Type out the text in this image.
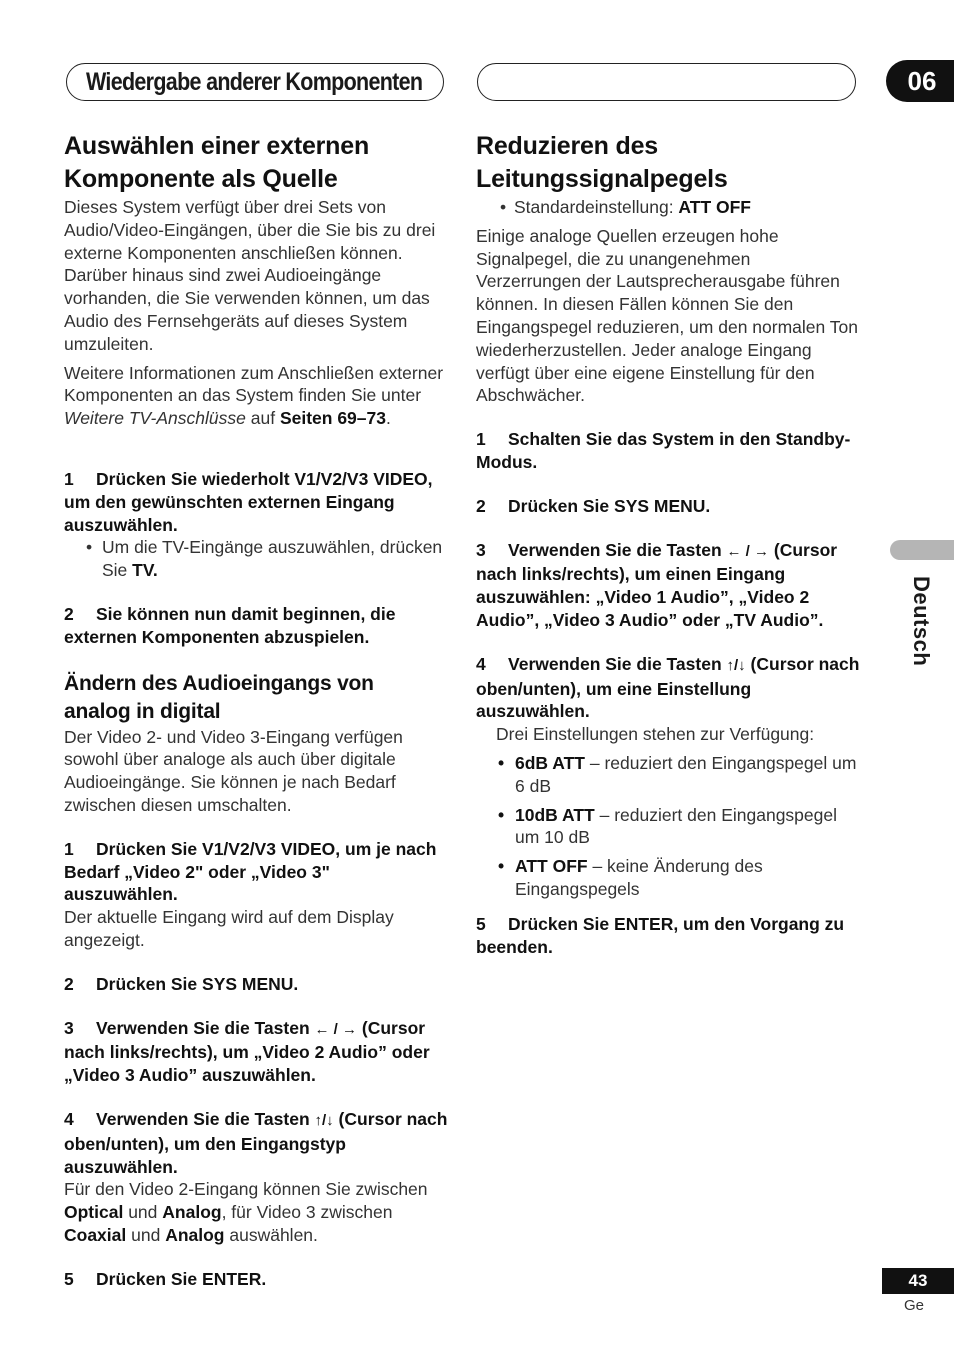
Wiedergabe anderer Komponenten	06
Deutsch
43
Ge
Auswählen einer externen
Komponente als Quelle

Dieses System verfügt über drei Sets von Audio/Video-Eingängen, über die Sie bis zu drei externe Komponenten anschließen können. Darüber hinaus sind zwei Audioeingänge vorhanden, die Sie verwenden können, um das Audio des Fernsehgeräts auf dieses System umzuleiten.

Weitere Informationen zum Anschließen externer Komponenten an das System finden Sie unter Weitere TV-Anschlüsse auf Seiten 69–73.

1 Drücken Sie wiederholt V1/V2/V3 VIDEO, um den gewünschten externen Eingang auszuwählen.

• Um die TV-Eingänge auszuwählen, drücken Sie TV.

2 Sie können nun damit beginnen, die externen Komponenten abzuspielen.

Ändern des Audioeingangs von
analog in digital

Der Video 2- und Video 3-Eingang verfügen sowohl über analoge als auch über digitale Audioeingänge. Sie können je nach Bedarf zwischen diesen umschalten.

1 Drücken Sie V1/V2/V3 VIDEO, um je nach Bedarf „Video 2" oder „Video 3" auszuwählen.

Der aktuelle Eingang wird auf dem Display angezeigt.

2 Drücken Sie SYS MENU.

3 Verwenden Sie die Tasten ← / → (Cursor nach links/rechts), um „Video 2 Audio” oder „Video 3 Audio” auszuwählen.

4 Verwenden Sie die Tasten ↑/↓ (Cursor nach oben/unten), um den Eingangstyp auszuwählen.

Für den Video 2-Eingang können Sie zwischen Optical und Analog, für Video 3 zwischen Coaxial und Analog auswählen.

5 Drücken Sie ENTER.

Reduzieren des
Leitungssignalpegels

• Standardeinstellung: ATT OFF

Einige analoge Quellen erzeugen hohe Signalpegel, die zu unangenehmen Verzerrungen der Lautsprecherausgabe führen können. In diesen Fällen können Sie den Eingangspegel reduzieren, um den normalen Ton wiederherzustellen. Jeder analoge Eingang verfügt über eine eigene Einstellung für den Abschwächer.

1 Schalten Sie das System in den Standby-Modus.

2 Drücken Sie SYS MENU.

3 Verwenden Sie die Tasten ← / → (Cursor nach links/rechts), um einen Eingang auszuwählen: „Video 1 Audio”, „Video 2 Audio”, „Video 3 Audio” oder „TV Audio”.

4 Verwenden Sie die Tasten ↑/↓ (Cursor nach oben/unten), um eine Einstellung auszuwählen.

Drei Einstellungen stehen zur Verfügung:

• 6dB ATT – reduziert den Eingangspegel um 6 dB

• 10dB ATT – reduziert den Eingangspegel um 10 dB

• ATT OFF – keine Änderung des Eingangspegels

5 Drücken Sie ENTER, um den Vorgang zu beenden.
